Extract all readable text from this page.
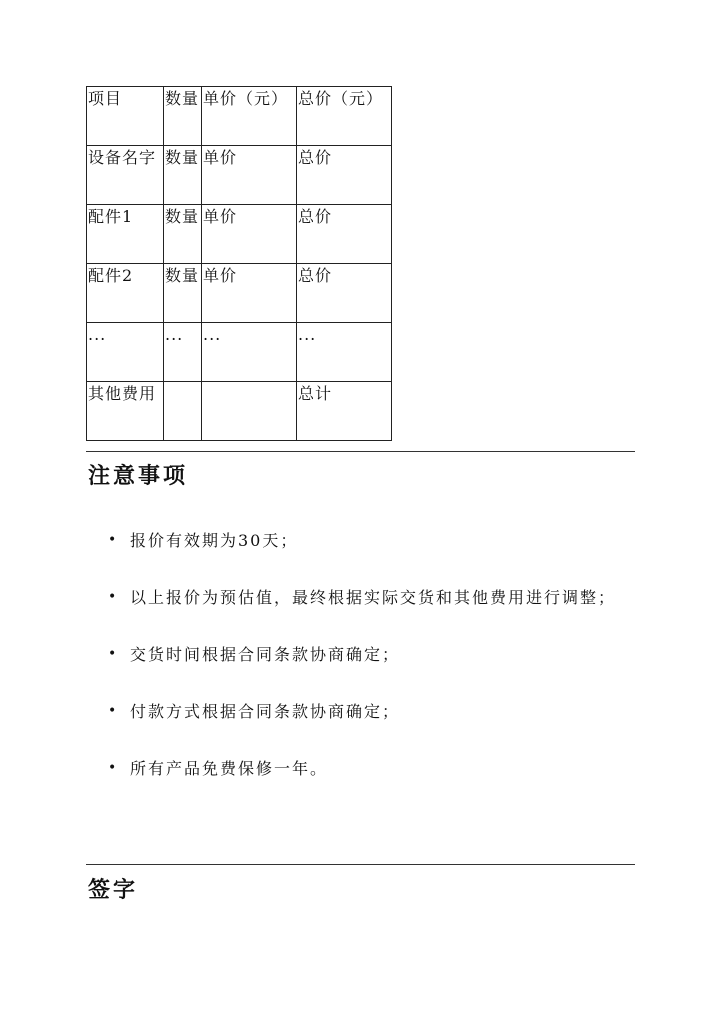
项目	数量	单价（元）	总价（元）
设备名字	数量	单价	总价
配件1	数量	单价	总价
配件2	数量	单价	总价
...	...	...	...
其他费用			总计
注意事项
• 报价有效期为30天；
• 以上报价为预估值，最终根据实际交货和其他费用进行调整；
• 交货时间根据合同条款协商确定；
• 付款方式根据合同条款协商确定；
• 所有产品免费保修一年。
签字
